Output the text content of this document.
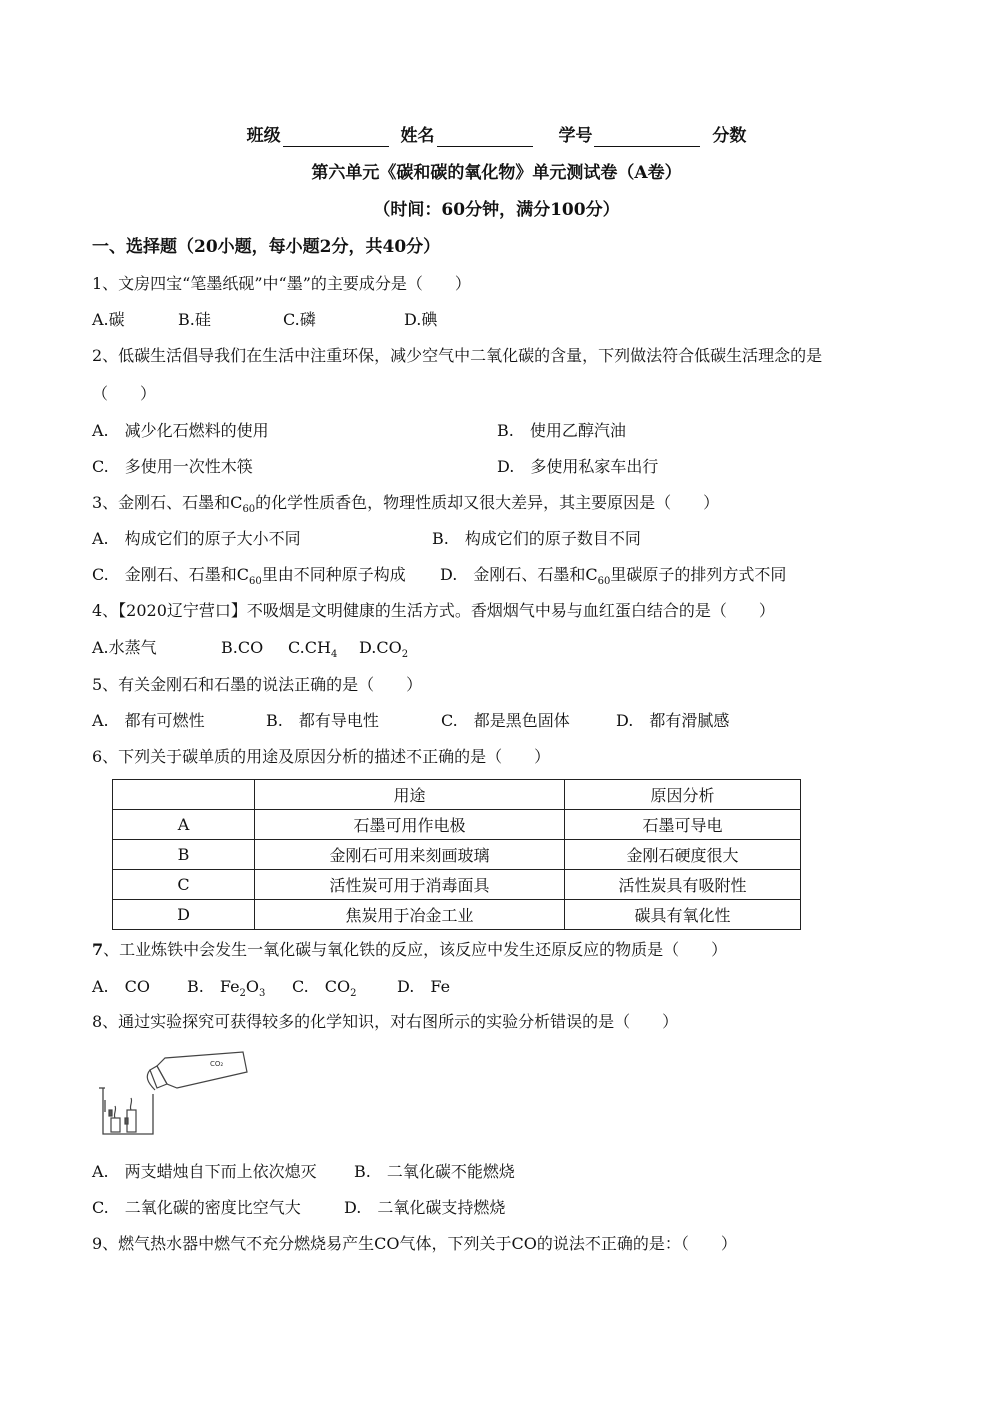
班级	姓名	学号	分数
第六单元《碳和碳的氧化物》单元测试卷（A卷）
（时间：60分钟，满分100分）
一、选择题（20小题，每小题2分，共40分）
1、文房四宝“笔墨纸砚”中“墨”的主要成分是（　　）
A.碳	B.硅	C.磷	D.碘
2、低碳生活倡导我们在生活中注重环保，减少空气中二氧化碳的含量，下列做法符合低碳生活理念的是
（　　）
A.　减少化石燃料的使用	B.　使用乙醇汽油
C.　多使用一次性木筷	D.　多使用私家车出行
3、金刚石、石墨和$C_{60}$的化学性质香色，物理性质却又很大差异，其主要原因是（　　）
A.　构成它们的原子大小不同	B.　构成它们的原子数目不同
C.　金刚石、石墨和$C_{60}$里由不同种原子构成 D.　金刚石、石墨和$C_{60}$里碳原子的排列方式不同
4、【2020辽宁营口】不吸烟是文明健康的生活方式。香烟烟气中易与血红蛋白结合的是（　　）
A.水蒸气	B.CO $C.CH_4$ $D.CO_2$
5、有关金刚石和石墨的说法正确的是（　　）
A.　都有可燃性	B.　都有导电性	C.　都是黑色固体	D.　都有滑腻感
6、下列关于碳单质的用途及原因分析的描述不正确的是（　　）
	用途	原因分析
A	石墨可用作电极	石墨可导电
B	金刚石可用来刻画玻璃	金刚石硬度很大
C	活性炭可用于消毒面具	活性炭具有吸附性
D	焦炭用于冶金工业	碳具有氧化性
7、工业炼铁中会发生一氧化碳与氧化铁的反应，该反应中发生还原反应的物质是（　　）
A.　CO B.　$Fe_2O_3$ C.　$CO_2$	D.　Fe
8、通过实验探究可获得较多的化学知识，对右图所示的实验分析错误的是（　　）
CO₂
A.　两支蜡烛自下而上依次熄灭 B.　二氧化碳不能燃烧
C.　二氧化碳的密度比空气大	D.　二氧化碳支持燃烧
9、燃气热水器中燃气不充分燃烧易产生CO气体，下列关于CO的说法不正确的是：（　　）
